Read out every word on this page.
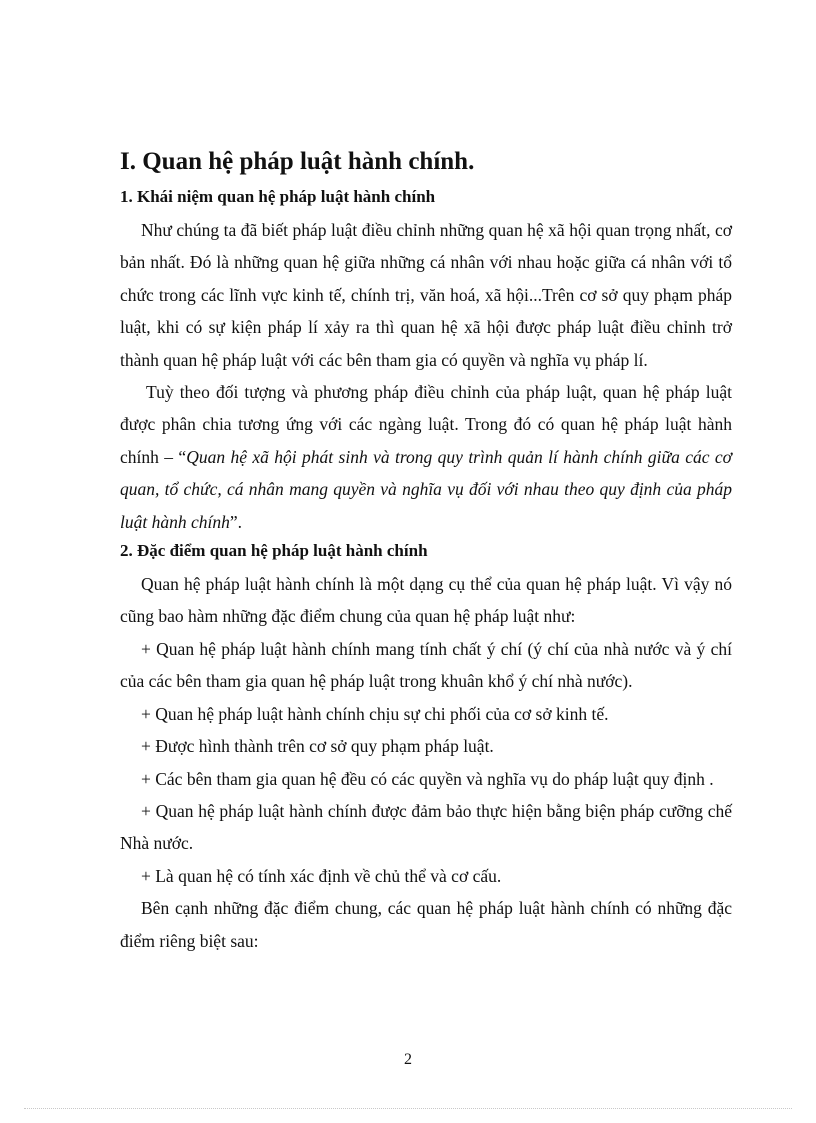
I. Quan hệ pháp luật hành chính.
1. Khái niệm quan hệ pháp luật hành chính

Như chúng ta đã biết pháp luật điều chỉnh những quan hệ xã hội quan trọng nhất, cơ bản nhất. Đó là những quan hệ giữa những cá nhân với nhau hoặc giữa cá nhân với tổ chức trong các lĩnh vực kinh tế, chính trị, văn hoá, xã hội...Trên cơ sở quy phạm pháp luật, khi có sự kiện pháp lí xảy ra thì quan hệ xã hội được pháp luật điều chỉnh trở thành quan hệ pháp luật với các bên tham gia có quyền và nghĩa vụ pháp lí.

Tuỳ theo đối tượng và phương pháp điều chỉnh của pháp luật, quan hệ pháp luật được phân chia tương ứng với các ngàng luật. Trong đó có quan hệ pháp luật hành chính – “Quan hệ xã hội phát sinh và trong quy trình quản lí hành chính giữa các cơ quan, tổ chức, cá nhân mang quyền và nghĩa vụ đối với nhau theo quy định của pháp luật hành chính”.

2. Đặc điểm quan hệ pháp luật hành chính

Quan hệ pháp luật hành chính là một dạng cụ thể của quan hệ pháp luật. Vì vậy nó cũng bao hàm những đặc điểm chung của quan hệ pháp luật như:

+ Quan hệ pháp luật hành chính mang tính chất ý chí (ý chí của nhà nước và ý chí của các bên tham gia quan hệ pháp luật trong khuân khổ ý chí nhà nước).

+ Quan hệ pháp luật hành chính chịu sự chi phối của cơ sở kinh tế.

+ Được hình thành trên cơ sở quy phạm pháp luật.

+ Các bên tham gia quan hệ đều có các quyền và nghĩa vụ do pháp luật quy định .

+ Quan hệ pháp luật hành chính được đảm bảo thực hiện bằng biện pháp cưỡng chế Nhà nước.

+ Là quan hệ có tính xác định về chủ thể và cơ cấu.

Bên cạnh những đặc điểm chung, các quan hệ pháp luật hành chính có những đặc điểm riêng biệt sau:

2
